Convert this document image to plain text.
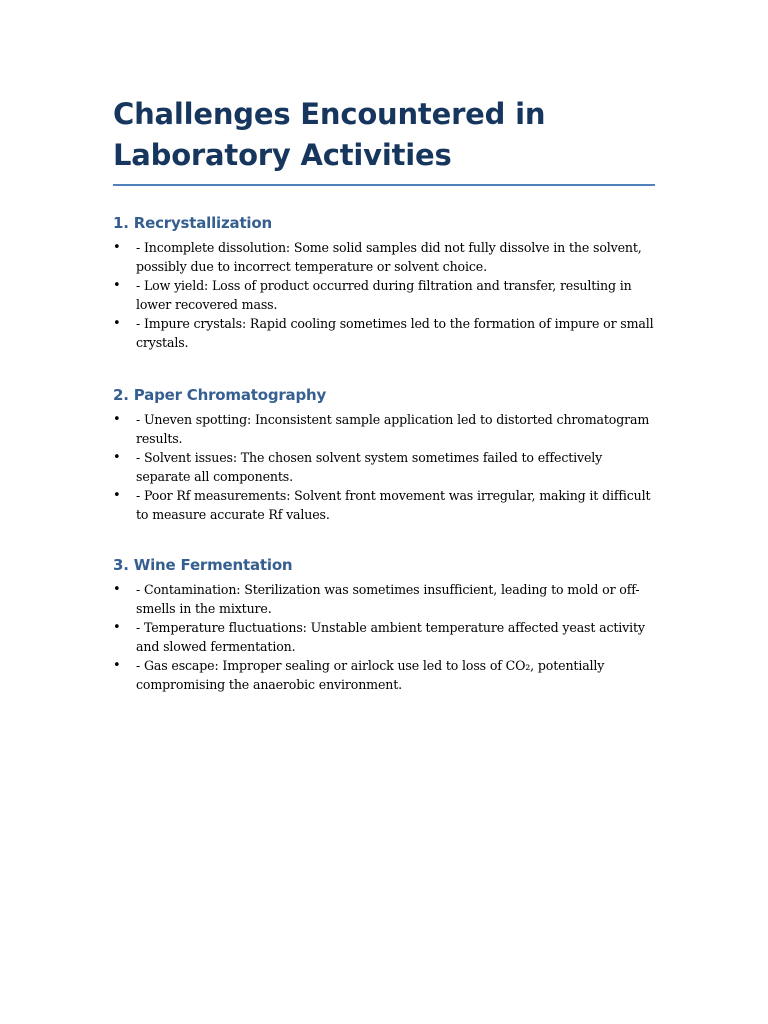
Challenges Encountered in Laboratory Activities
1. Recrystallization
• - Incomplete dissolution: Some solid samples did not fully dissolve in the solvent, possibly due to incorrect temperature or solvent choice.
• - Low yield: Loss of product occurred during filtration and transfer, resulting in lower recovered mass.
• - Impure crystals: Rapid cooling sometimes led to the formation of impure or small crystals.
2. Paper Chromatography
• - Uneven spotting: Inconsistent sample application led to distorted chromatogram results.
• - Solvent issues: The chosen solvent system sometimes failed to effectively separate all components.
• - Poor Rf measurements: Solvent front movement was irregular, making it difficult to measure accurate Rf values.
3. Wine Fermentation
• - Contamination: Sterilization was sometimes insufficient, leading to mold or off-smells in the mixture.
• - Temperature fluctuations: Unstable ambient temperature affected yeast activity and slowed fermentation.
• - Gas escape: Improper sealing or airlock use led to loss of CO₂, potentially compromising the anaerobic environment.
